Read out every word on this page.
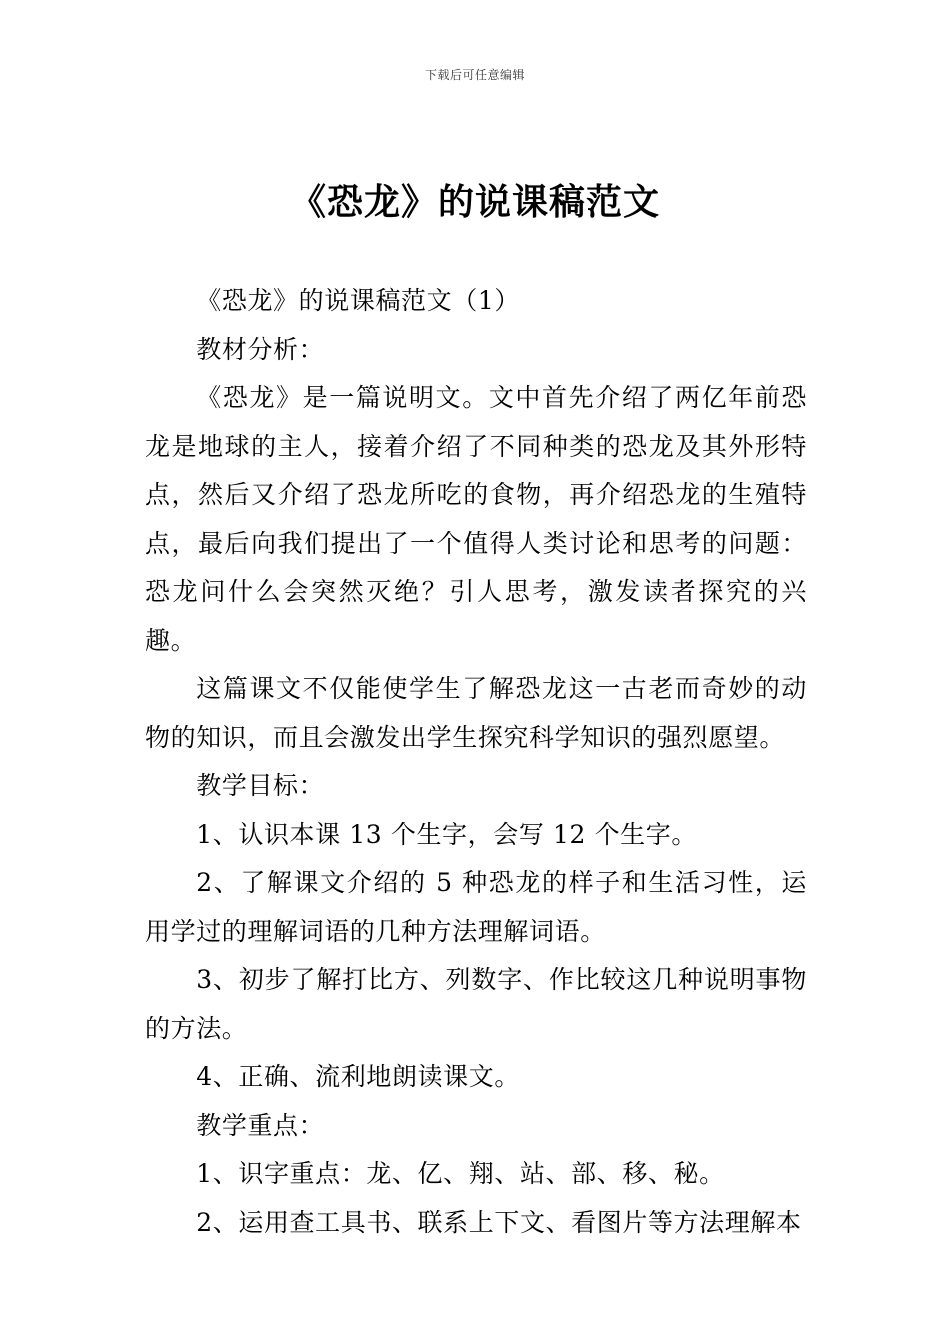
下载后可任意编辑
《恐龙》的说课稿范文

《恐龙》的说课稿范文（1）

教材分析：

《恐龙》是一篇说明文。文中首先介绍了两亿年前恐龙是地球的主人，接着介绍了不同种类的恐龙及其外形特点，然后又介绍了恐龙所吃的食物，再介绍恐龙的生殖特点，最后向我们提出了一个值得人类讨论和思考的问题：恐龙问什么会突然灭绝？引人思考，激发读者探究的兴趣。

这篇课文不仅能使学生了解恐龙这一古老而奇妙的动物的知识，而且会激发出学生探究科学知识的强烈愿望。

教学目标：

1、认识本课 13 个生字，会写 12 个生字。

2、了解课文介绍的 5 种恐龙的样子和生活习性，运用学过的理解词语的几种方法理解词语。

3、初步了解打比方、列数字、作比较这几种说明事物的方法。

4、正确、流利地朗读课文。

教学重点：

1、识字重点：龙、亿、翔、站、部、移、秘。

2、运用查工具书、联系上下文、看图片等方法理解本
